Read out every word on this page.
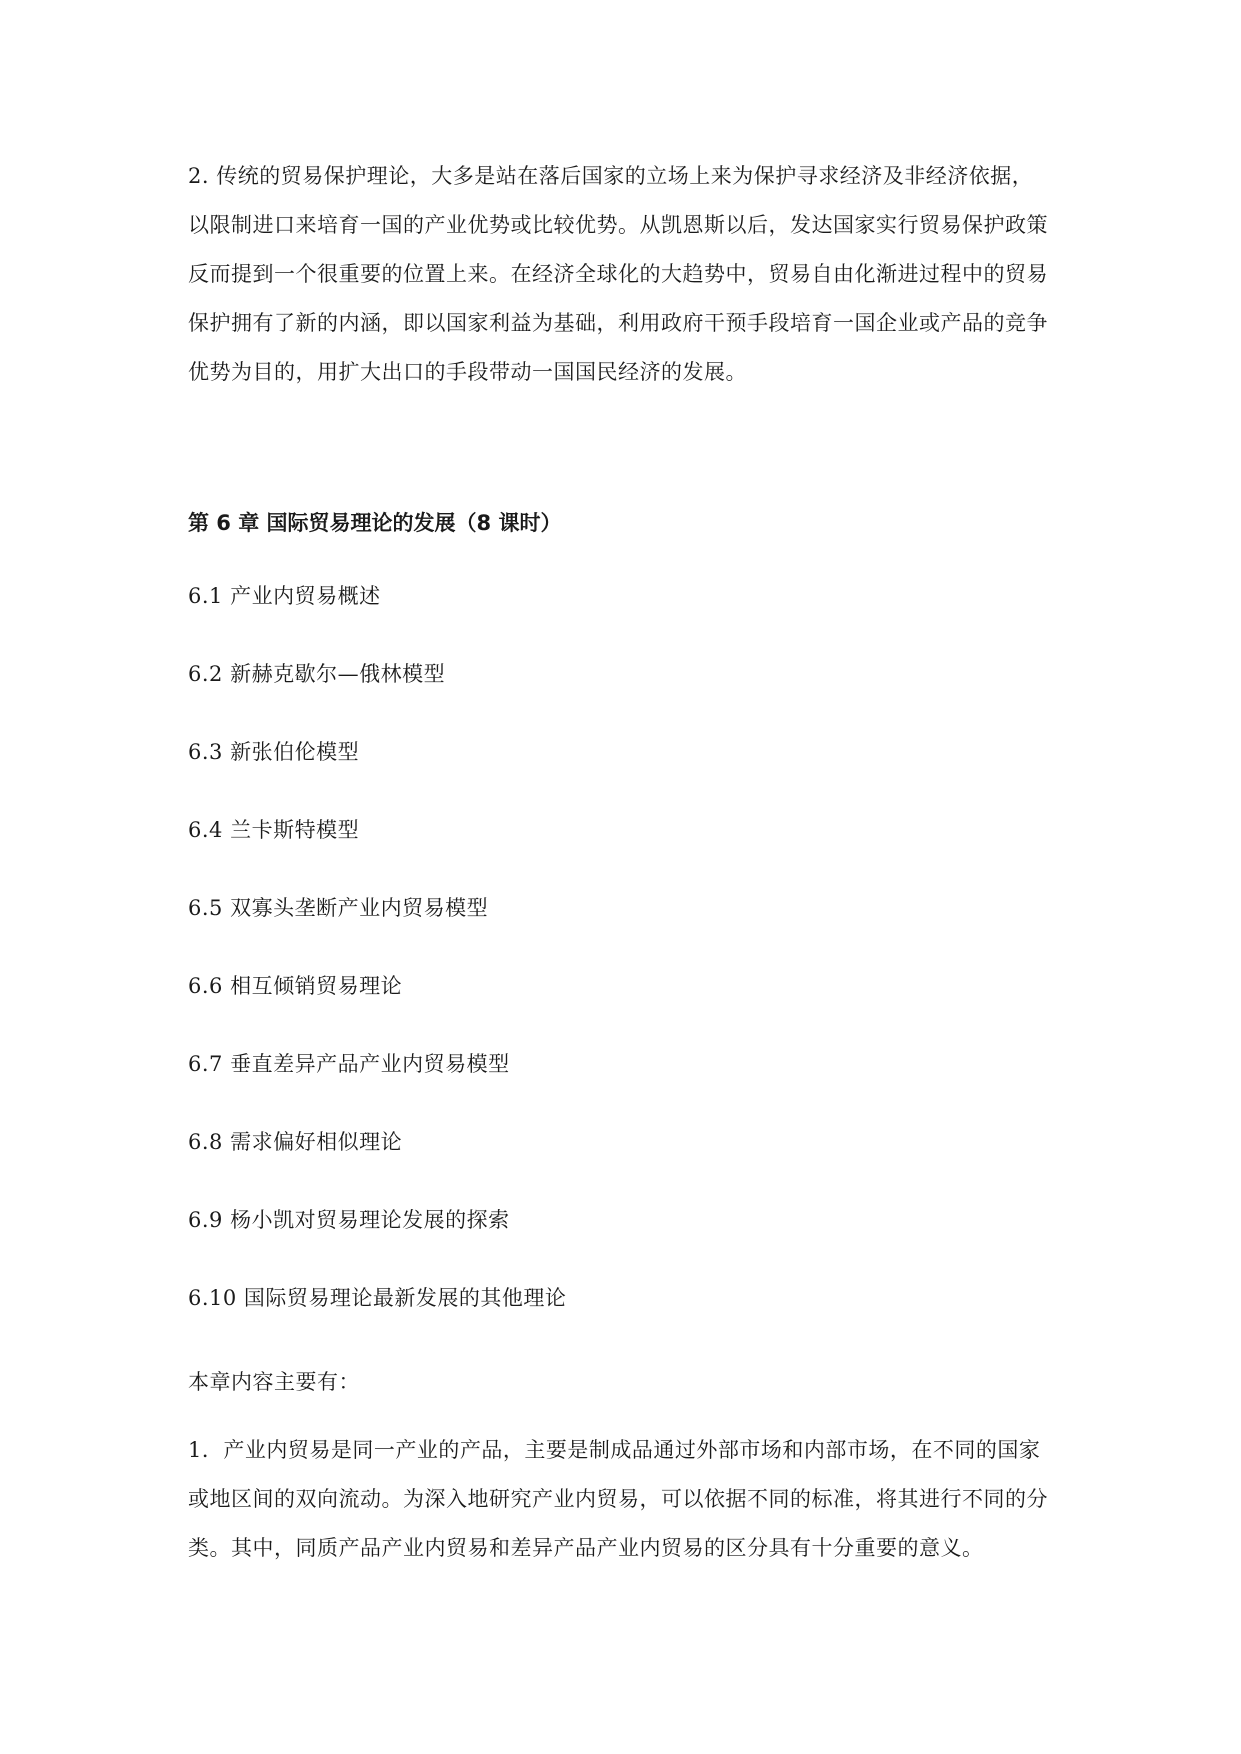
2. 传统的贸易保护理论，大多是站在落后国家的立场上来为保护寻求经济及非经济依据，
以限制进口来培育一国的产业优势或比较优势。从凯恩斯以后，发达国家实行贸易保护政策
反而提到一个很重要的位置上来。在经济全球化的大趋势中，贸易自由化渐进过程中的贸易
保护拥有了新的内涵，即以国家利益为基础，利用政府干预手段培育一国企业或产品的竞争
优势为目的，用扩大出口的手段带动一国国民经济的发展。

第 6 章 国际贸易理论的发展（8 课时）
6.1 产业内贸易概述
6.2 新赫克歇尔—俄林模型
6.3 新张伯伦模型
6.4 兰卡斯特模型
6.5 双寡头垄断产业内贸易模型
6.6 相互倾销贸易理论
6.7 垂直差异产品产业内贸易模型
6.8 需求偏好相似理论
6.9 杨小凯对贸易理论发展的探索
6.10 国际贸易理论最新发展的其他理论

本章内容主要有：

1．产业内贸易是同一产业的产品，主要是制成品通过外部市场和内部市场，在不同的国家
或地区间的双向流动。为深入地研究产业内贸易，可以依据不同的标准，将其进行不同的分
类。其中，同质产品产业内贸易和差异产品产业内贸易的区分具有十分重要的意义。
